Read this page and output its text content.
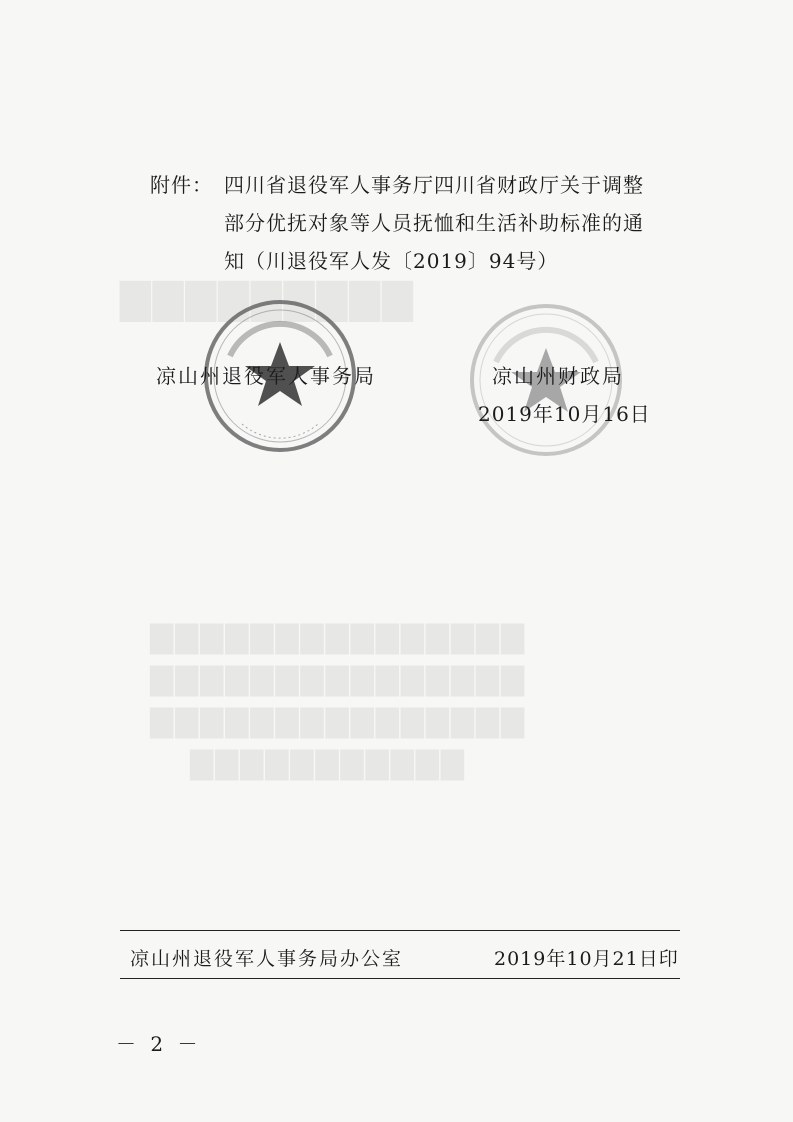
▇▇▇▇▇▇▇▇▇
▇▇▇▇▇▇▇▇▇▇▇▇▇▇▇
▇▇▇▇▇▇▇▇▇▇▇▇▇▇▇
▇▇▇▇▇▇▇▇▇▇▇▇▇▇▇
▇▇▇▇▇▇▇▇▇▇▇
附件： 四川省退役军人事务厅四川省财政厅关于调整
部分优抚对象等人员抚恤和生活补助标准的通
知（川退役军人发〔2019〕94号）
凉山州退役军人事务局	凉山州财政局
2019年10月16日
凉山州退役军人事务局办公室	2019年10月21日印
－ 2 －
